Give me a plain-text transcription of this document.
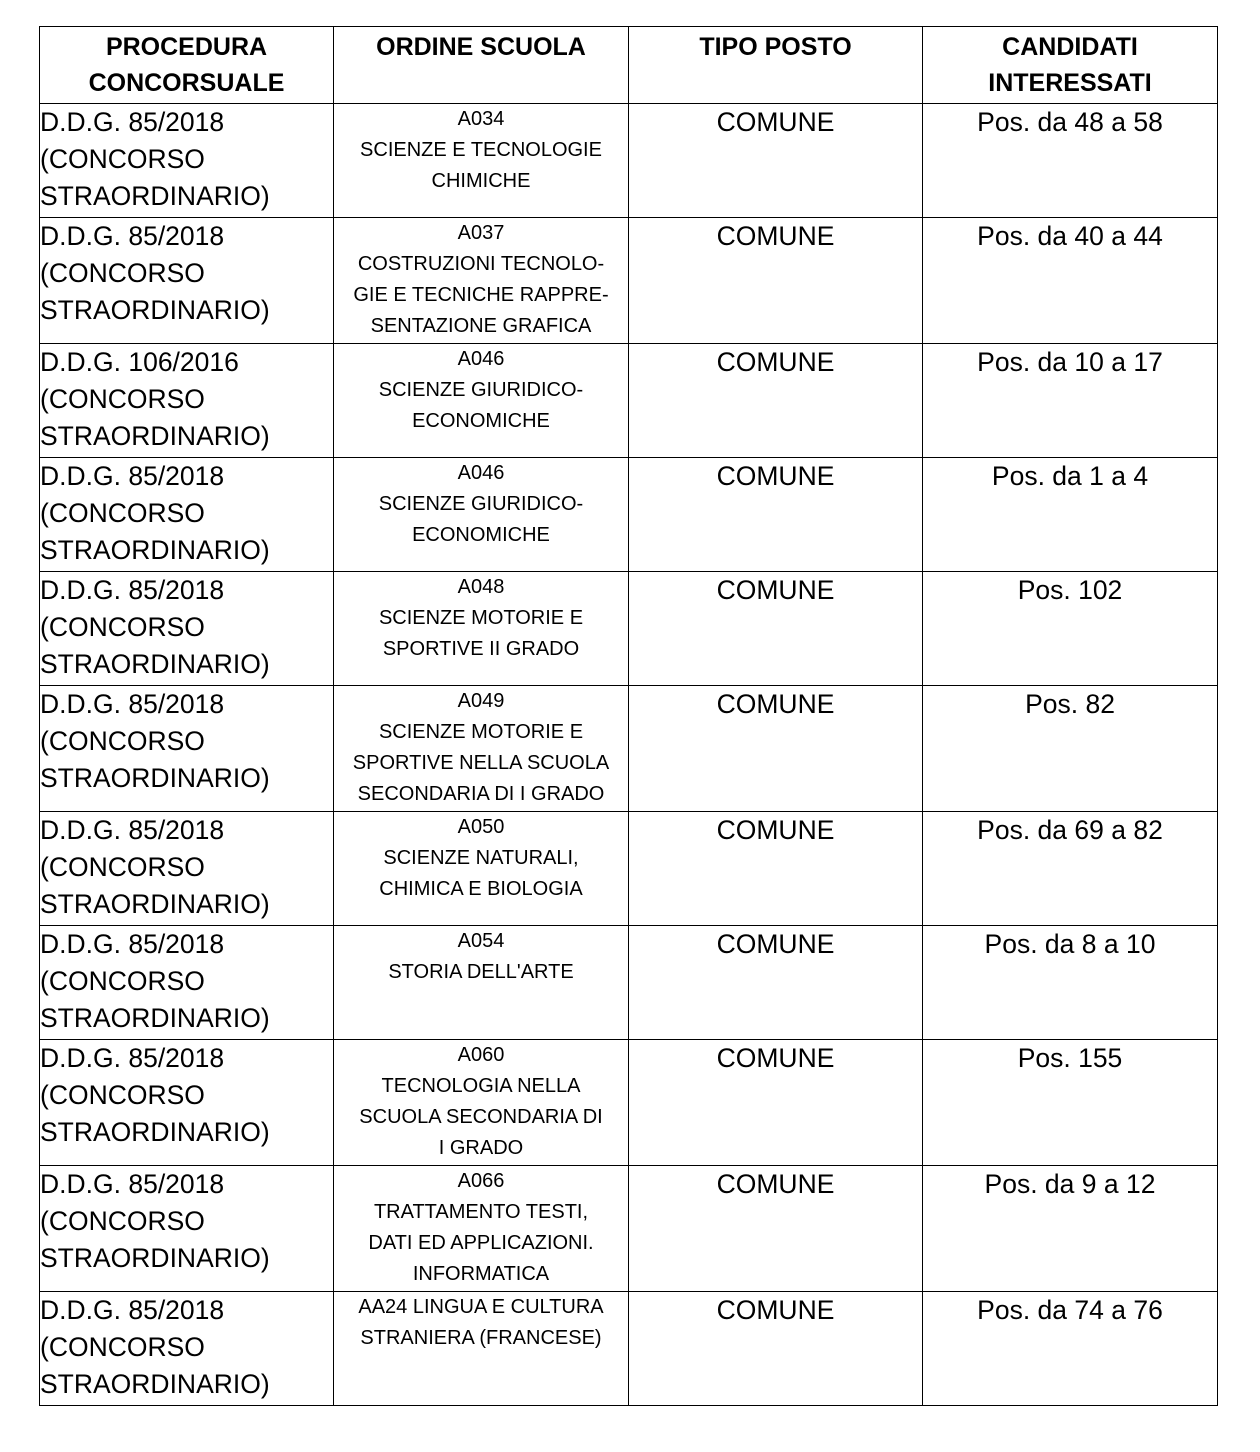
PROCEDURA
CONCORSUALE	ORDINE SCUOLA	TIPO POSTO	CANDIDATI
INTERESSATI

D.D.G. 85/2018
(CONCORSO
STRAORDINARIO)	A034
SCIENZE E TECNOLOGIE
CHIMICHE	COMUNE	Pos. da 48 a 58

D.D.G. 85/2018
(CONCORSO
STRAORDINARIO)	A037
COSTRUZIONI TECNOLO-
GIE E TECNICHE RAPPRE-
SENTAZIONE GRAFICA	COMUNE	Pos. da 40 a 44

D.D.G. 106/2016
(CONCORSO
STRAORDINARIO)	A046
SCIENZE GIURIDICO-
ECONOMICHE	COMUNE	Pos. da 10 a 17

D.D.G. 85/2018
(CONCORSO
STRAORDINARIO)	A046
SCIENZE GIURIDICO-
ECONOMICHE	COMUNE	Pos. da 1 a 4

D.D.G. 85/2018
(CONCORSO
STRAORDINARIO)	A048
SCIENZE MOTORIE E
SPORTIVE II GRADO	COMUNE	Pos. 102

D.D.G. 85/2018
(CONCORSO
STRAORDINARIO)	A049
SCIENZE MOTORIE E
SPORTIVE NELLA SCUOLA
SECONDARIA DI I GRADO	COMUNE	Pos. 82

D.D.G. 85/2018
(CONCORSO
STRAORDINARIO)	A050
SCIENZE NATURALI,
CHIMICA E BIOLOGIA	COMUNE	Pos. da 69 a 82

D.D.G. 85/2018
(CONCORSO
STRAORDINARIO)	A054
STORIA DELL'ARTE	COMUNE	Pos. da 8 a 10

D.D.G. 85/2018
(CONCORSO
STRAORDINARIO)	A060
TECNOLOGIA NELLA
SCUOLA SECONDARIA DI
I GRADO	COMUNE	Pos. 155

D.D.G. 85/2018
(CONCORSO
STRAORDINARIO)	A066
TRATTAMENTO TESTI,
DATI ED APPLICAZIONI.
INFORMATICA	COMUNE	Pos. da 9 a 12

D.D.G. 85/2018
(CONCORSO
STRAORDINARIO)	AA24 LINGUA E CULTURA
STRANIERA (FRANCESE)	COMUNE	Pos. da 74 a 76
